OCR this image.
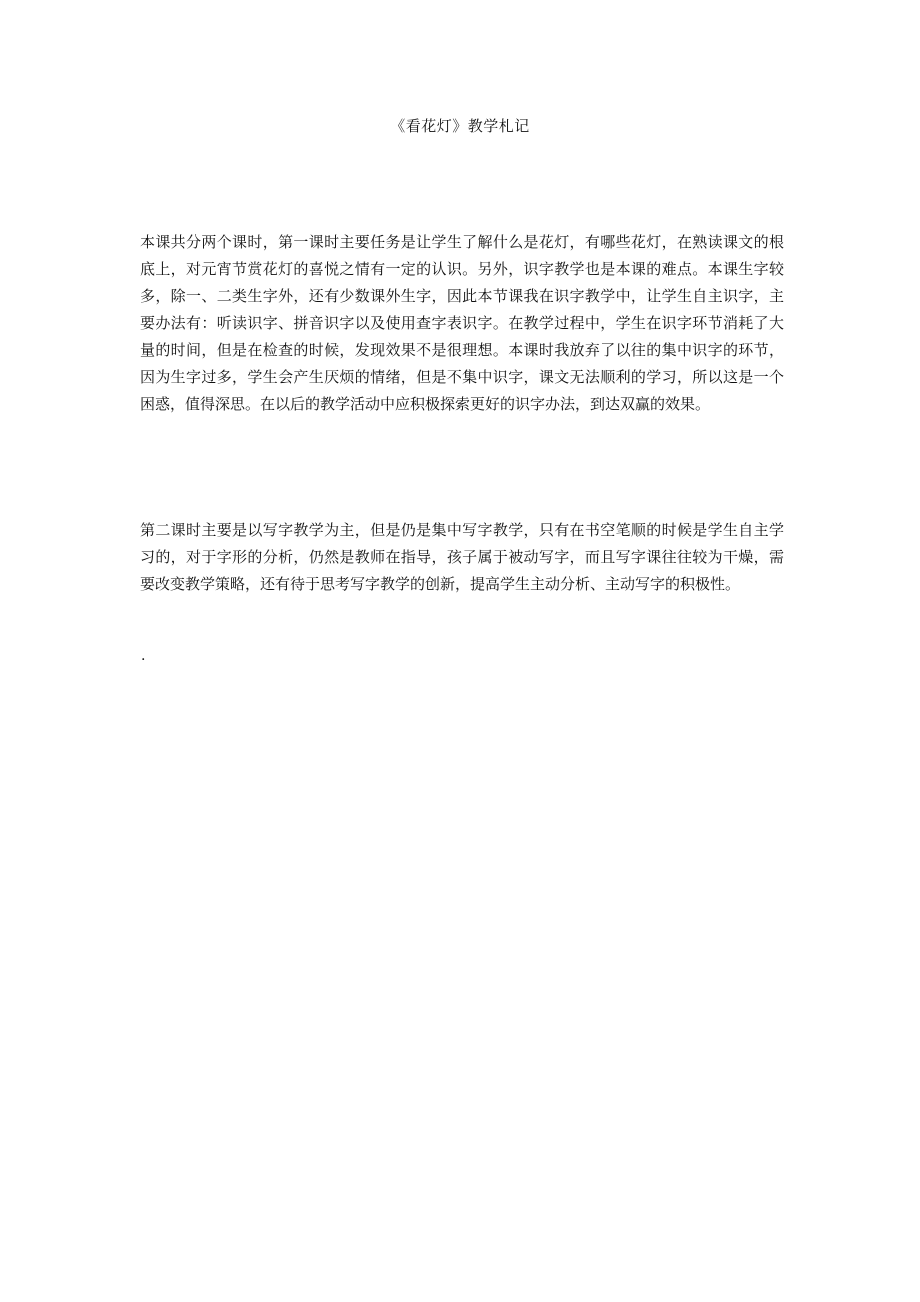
《看花灯》教学札记

本课共分两个课时，第一课时主要任务是让学生了解什么是花灯，有哪些花灯，在熟读课文的根底上，对元宵节赏花灯的喜悦之情有一定的认识。另外，识字教学也是本课的难点。本课生字较多，除一、二类生字外，还有少数课外生字，因此本节课我在识字教学中，让学生自主识字，主要办法有：听读识字、拼音识字以及使用查字表识字。在教学过程中，学生在识字环节消耗了大量的时间，但是在检查的时候，发现效果不是很理想。本课时我放弃了以往的集中识字的环节，因为生字过多，学生会产生厌烦的情绪，但是不集中识字，课文无法顺利的学习，所以这是一个困惑，值得深思。在以后的教学活动中应积极探索更好的识字办法，到达双赢的效果。

第二课时主要是以写字教学为主，但是仍是集中写字教学，只有在书空笔顺的时候是学生自主学习的，对于字形的分析，仍然是教师在指导，孩子属于被动写字，而且写字课往往较为干燥，需要改变教学策略，还有待于思考写字教学的创新，提高学生主动分析、主动写字的积极性。

.
